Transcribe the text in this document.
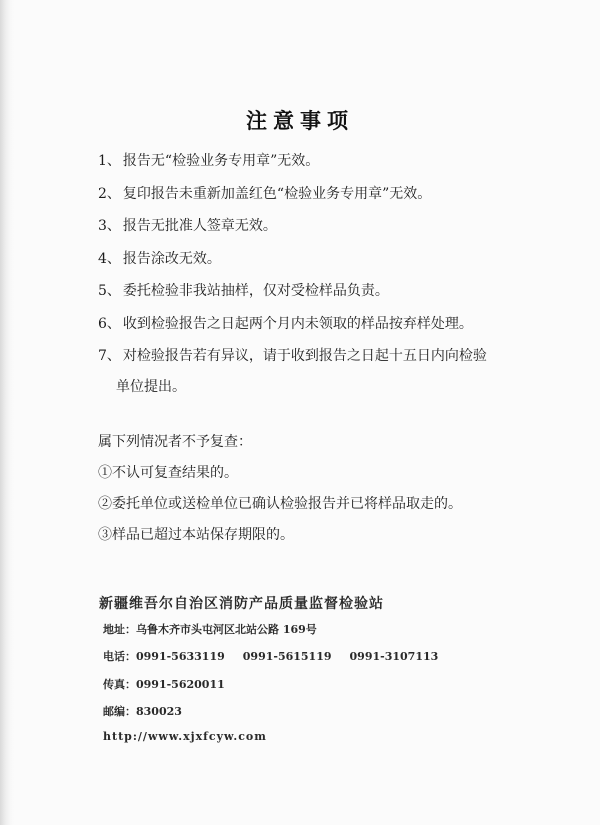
注意事项
1、 报告无“检验业务专用章”无效。
2、 复印报告未重新加盖红色“检验业务专用章”无效。
3、 报告无批准人签章无效。
4、 报告涂改无效。
5、 委托检验非我站抽样，仅对受检样品负责。
6、 收到检验报告之日起两个月内未领取的样品按弃样处理。
7、 对检验报告若有异议，请于收到报告之日起十五日内向检验
单位提出。
属下列情况者不予复查：
①不认可复查结果的。
②委托单位或送检单位已确认检验报告并已将样品取走的。
③样品已超过本站保存期限的。
新疆维吾尔自治区消防产品质量监督检验站
地址：乌鲁木齐市头屯河区北站公路 169号
电话：0991-5633119 0991-5615119 0991-3107113
传真：0991-5620011
邮编：830023
http://www.xjxfcyw.com
